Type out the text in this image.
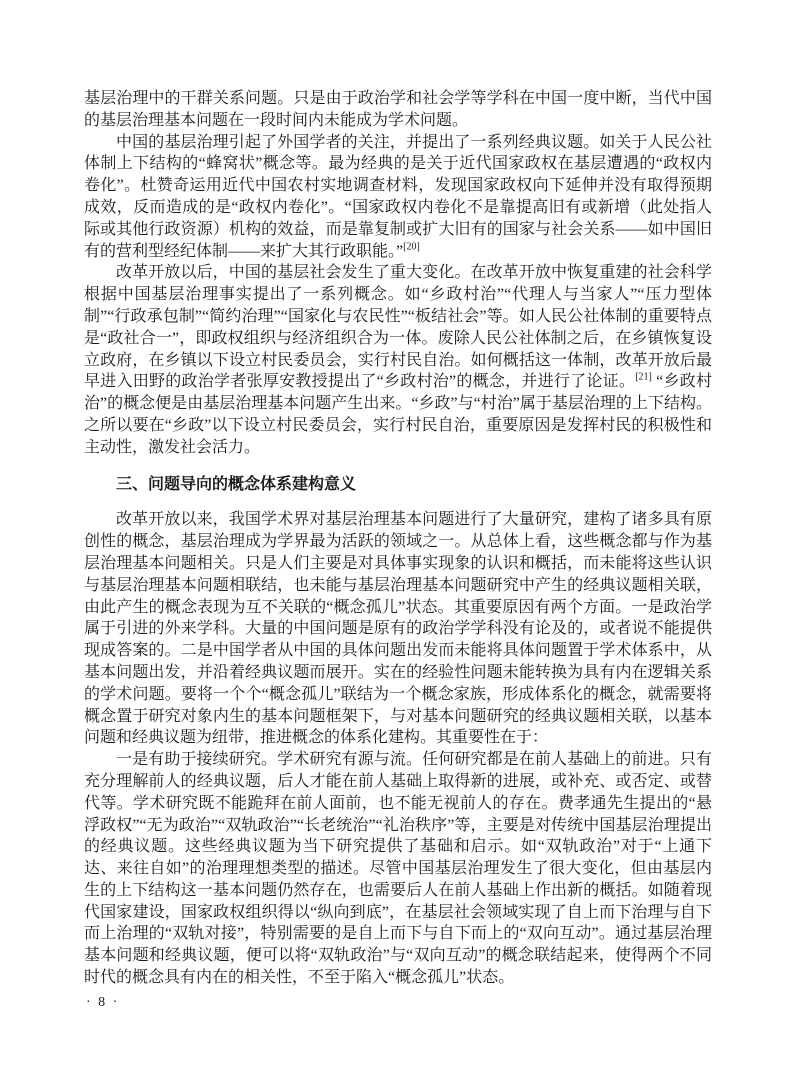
基层治理中的干群关系问题。只是由于政治学和社会学等学科在中国一度中断，当代中国的基层治理基本问题在一段时间内未能成为学术问题。

中国的基层治理引起了外国学者的关注，并提出了一系列经典议题。如关于人民公社体制上下结构的“蜂窝状”概念等。最为经典的是关于近代国家政权在基层遭遇的“政权内卷化”。杜赞奇运用近代中国农村实地调查材料，发现国家政权向下延伸并没有取得预期成效，反而造成的是“政权内卷化”。“国家政权内卷化不是靠提高旧有或新增（此处指人际或其他行政资源）机构的效益，而是靠复制或扩大旧有的国家与社会关系——如中国旧有的营利型经纪体制——来扩大其行政职能。”[20]

改革开放以后，中国的基层社会发生了重大变化。在改革开放中恢复重建的社会科学根据中国基层治理事实提出了一系列概念。如“乡政村治”“代理人与当家人”“压力型体制”“行政承包制”“简约治理”“国家化与农民性”“板结社会”等。如人民公社体制的重要特点是“政社合一”，即政权组织与经济组织合为一体。废除人民公社体制之后，在乡镇恢复设立政府，在乡镇以下设立村民委员会，实行村民自治。如何概括这一体制，改革开放后最早进入田野的政治学者张厚安教授提出了“乡政村治”的概念，并进行了论证。[21] “乡政村治”的概念便是由基层治理基本问题产生出来。“乡政”与“村治”属于基层治理的上下结构。之所以要在“乡政”以下设立村民委员会，实行村民自治，重要原因是发挥村民的积极性和主动性，激发社会活力。

三、问题导向的概念体系建构意义

改革开放以来，我国学术界对基层治理基本问题进行了大量研究，建构了诸多具有原创性的概念，基层治理成为学界最为活跃的领域之一。从总体上看，这些概念都与作为基层治理基本问题相关。只是人们主要是对具体事实现象的认识和概括，而未能将这些认识与基层治理基本问题相联结，也未能与基层治理基本问题研究中产生的经典议题相关联，由此产生的概念表现为互不关联的“概念孤儿”状态。其重要原因有两个方面。一是政治学属于引进的外来学科。大量的中国问题是原有的政治学学科没有论及的，或者说不能提供现成答案的。二是中国学者从中国的具体问题出发而未能将具体问题置于学术体系中，从基本问题出发，并沿着经典议题而展开。实在的经验性问题未能转换为具有内在逻辑关系的学术问题。要将一个个“概念孤儿”联结为一个概念家族，形成体系化的概念，就需要将概念置于研究对象内生的基本问题框架下，与对基本问题研究的经典议题相关联，以基本问题和经典议题为纽带，推进概念的体系化建构。其重要性在于：

一是有助于接续研究。学术研究有源与流。任何研究都是在前人基础上的前进。只有充分理解前人的经典议题，后人才能在前人基础上取得新的进展，或补充、或否定、或替代等。学术研究既不能跪拜在前人面前，也不能无视前人的存在。费孝通先生提出的“悬浮政权”“无为政治”“双轨政治”“长老统治”“礼治秩序”等，主要是对传统中国基层治理提出的经典议题。这些经典议题为当下研究提供了基础和启示。如“双轨政治”对于“上通下达、来往自如”的治理理想类型的描述。尽管中国基层治理发生了很大变化，但由基层内生的上下结构这一基本问题仍然存在，也需要后人在前人基础上作出新的概括。如随着现代国家建设，国家政权组织得以“纵向到底”，在基层社会领域实现了自上而下治理与自下而上治理的“双轨对接”，特别需要的是自上而下与自下而上的“双向互动”。通过基层治理基本问题和经典议题，便可以将“双轨政治”与“双向互动”的概念联结起来，使得两个不同时代的概念具有内在的相关性，不至于陷入“概念孤儿”状态。

· 8 ·
